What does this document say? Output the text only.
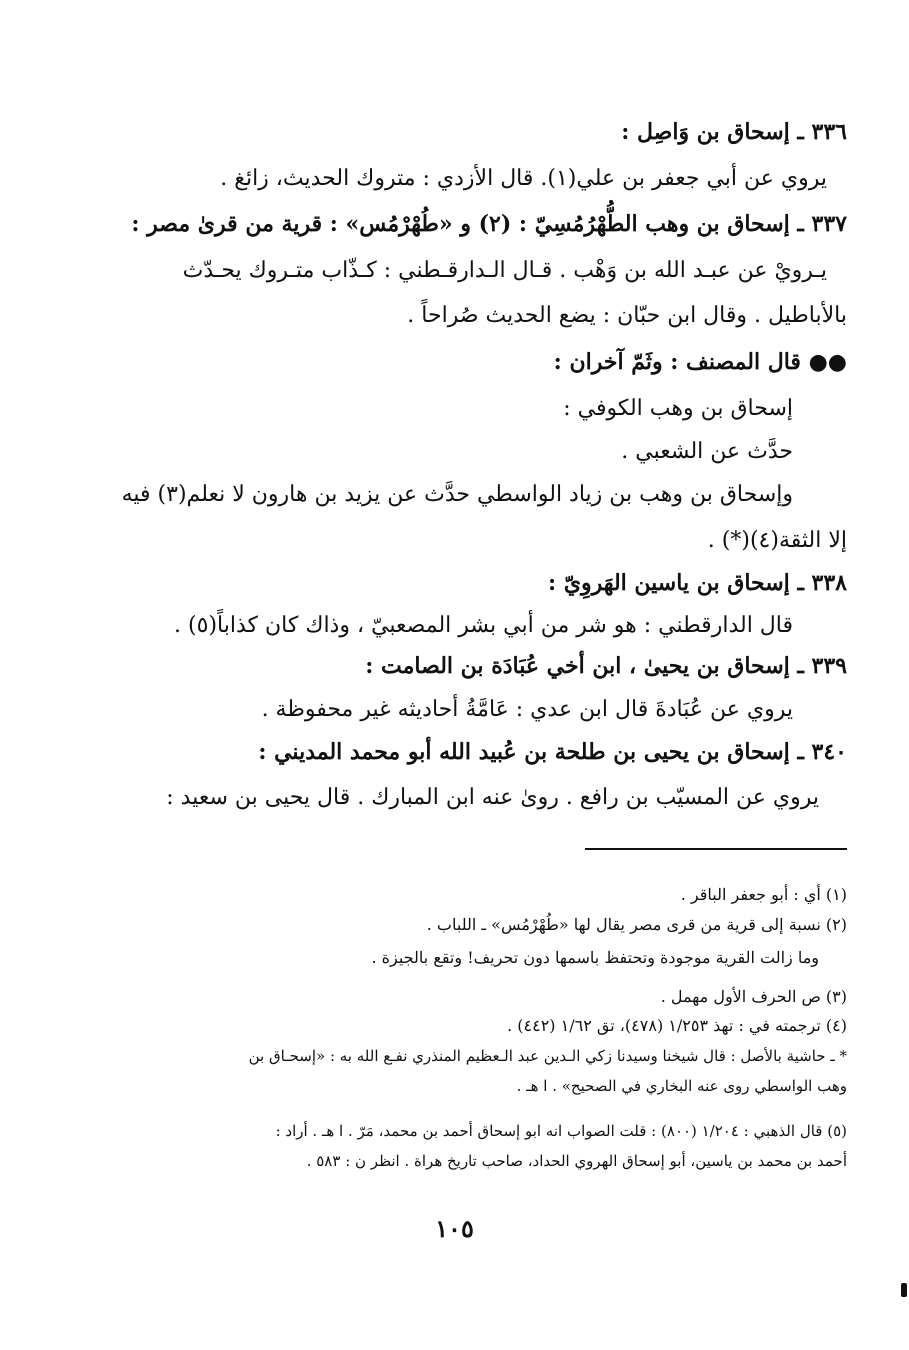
٣٣٦ ـ إسحاق بن وَاصِل :
يروي عن أبي جعفر بن علي(١). قال الأزدي : متروك الحديث، زائغ .
٣٣٧ ـ إسحاق بن وهب الطُّهْرُمُسِيّ : (٢) و «طُهْرْمُس» : قرية من قرىٰ مصر :
يـرويْ عن عبـد الله بن وَهْب . قـال الـدارقـطني : كـذّاب متـروك يحـدّث
بالأباطيل . وقال ابن حبّان : يضع الحديث صُراحاً .
●● قال المصنف : وثَمّ آخران :
إسحاق بن وهب الكوفي :
حدَّث عن الشعبي .
وإسحاق بن وهب بن زياد الواسطي حدَّث عن يزيد بن هارون لا نعلم(٣) فيه
إلا الثقة(٤)(*) .
٣٣٨ ـ إسحاق بن ياسين الهَروِيّ :
قال الدارقطني : هو شر من أبي بشر المصعبيّ ، وذاك كان كذاباً(٥) .
٣٣٩ ـ إسحاق بن يحيىٰ ، ابن أخي عُبَادَة بن الصامت :
يروي عن عُبَادةَ قال ابن عدي : عَامَّةُ أحاديثه غير محفوظة .
٣٤٠ ـ إسحاق بن يحيى بن طلحة بن عُبيد الله أبو محمد المديني :
يروي عن المسيّب بن رافع . روىٰ عنه ابن المبارك . قال يحيى بن سعيد :
(١) أي : أبو جعفر الباقر .
(٢) نسبة إلى قرية من قرى مصر يقال لها «طُهْرْمُس» ـ اللباب .
وما زالت القرية موجودة وتحتفظ باسمها دون تحريف! وتقع بالجيزة .
(٣) ص الحرف الأول مهمل .
(٤) ترجمته في : تهذ ١/٢٥٣ (٤٧٨)، تق ١/٦٢ (٤٤٢) .
* ـ حاشية بالأصل : قال شيخنا وسيدنا زكي الـدين عبد الـعظيم المنذري نفـع الله به : «إسحـاق بن
وهب الواسطي روى عنه البخاري في الصحيح» . ا هـ .
(٥) قال الذهبي : ١/٢٠٤ (٨٠٠) : قلت الصواب انه ابو إسحاق أحمد بن محمد، مَرّ . ا هـ . أراد :
أحمد بن محمد بن ياسين، أبو إسحاق الهروي الحداد، صاحب تاريخ هراة . انظر ن : ٥٨٣ .
١٠٥
